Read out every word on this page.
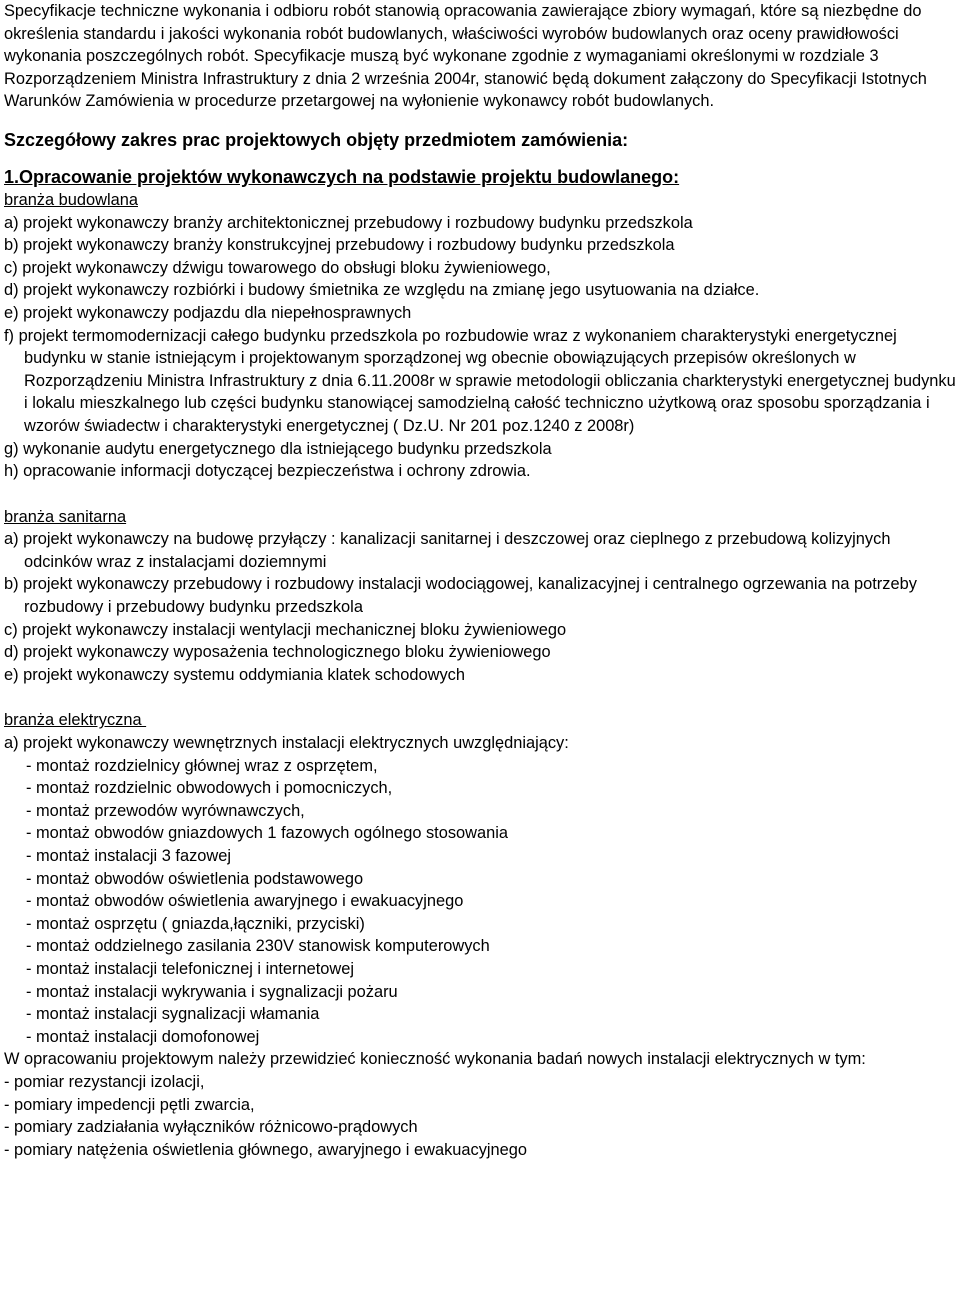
Specyfikacje techniczne wykonania i odbioru robót stanowią opracowania zawierające zbiory wymagań, które są niezbędne do określenia standardu i jakości wykonania robót budowlanych, właściwości wyrobów budowlanych oraz oceny prawidłowości wykonania poszczególnych robót. Specyfikacje muszą być wykonane zgodnie z wymaganiami określonymi w rozdziale 3 Rozporządzeniem Ministra Infrastruktury z dnia 2 września 2004r, stanowić będą dokument załączony do Specyfikacji Istotnych Warunków Zamówienia w procedurze przetargowej na wyłonienie wykonawcy robót budowlanych.

Szczegółowy zakres prac projektowych objęty przedmiotem zamówienia:
1.Opracowanie projektów wykonawczych na podstawie projektu budowlanego:
branża budowlana
a) projekt wykonawczy branży architektonicznej przebudowy i rozbudowy budynku przedszkola
b) projekt wykonawczy branży konstrukcyjnej przebudowy i rozbudowy budynku przedszkola
c) projekt wykonawczy dźwigu towarowego do obsługi bloku żywieniowego,
d) projekt wykonawczy rozbiórki i budowy śmietnika ze względu na zmianę jego usytuowania na działce.
e) projekt wykonawczy podjazdu dla niepełnosprawnych
f) projekt termomodernizacji całego budynku przedszkola po rozbudowie wraz z wykonaniem charakterystyki energetycznej budynku w stanie istniejącym i projektowanym sporządzonej wg obecnie obowiązujących przepisów określonych w Rozporządzeniu Ministra Infrastruktury z dnia 6.11.2008r w sprawie metodologii obliczania charkterystyki energetycznej budynku i lokalu mieszkalnego lub części budynku stanowiącej samodzielną całość techniczno użytkową oraz sposobu sporządzania i wzorów świadectw i charakterystyki energetycznej ( Dz.U. Nr 201 poz.1240 z 2008r)
g) wykonanie audytu energetycznego dla istniejącego budynku przedszkola
h) opracowanie informacji dotyczącej bezpieczeństwa i ochrony zdrowia.
branża sanitarna
a) projekt wykonawczy na budowę przyłączy : kanalizacji sanitarnej i deszczowej oraz cieplnego z przebudową kolizyjnych odcinków wraz z instalacjami doziemnymi
b) projekt wykonawczy przebudowy i rozbudowy instalacji wodociągowej, kanalizacyjnej i centralnego ogrzewania na potrzeby rozbudowy i przebudowy budynku przedszkola
c) projekt wykonawczy instalacji wentylacji mechanicznej bloku żywieniowego
d) projekt wykonawczy wyposażenia technologicznego bloku żywieniowego
e) projekt wykonawczy systemu oddymiania klatek schodowych
branża elektryczna
a) projekt wykonawczy wewnętrznych instalacji elektrycznych uwzględniający:
- montaż rozdzielnicy głównej wraz z osprzętem,
- montaż rozdzielnic obwodowych i pomocniczych,
- montaż przewodów wyrównawczych,
- montaż obwodów gniazdowych 1 fazowych ogólnego stosowania
- montaż instalacji 3 fazowej
- montaż obwodów oświetlenia podstawowego
- montaż obwodów oświetlenia awaryjnego i ewakuacyjnego
- montaż osprzętu ( gniazda,łączniki, przyciski)
- montaż oddzielnego zasilania 230V stanowisk komputerowych
- montaż instalacji telefonicznej i internetowej
- montaż instalacji wykrywania i sygnalizacji pożaru
- montaż instalacji sygnalizacji włamania
- montaż instalacji domofonowej
W opracowaniu projektowym należy przewidzieć konieczność wykonania badań nowych instalacji elektrycznych w tym:
- pomiar rezystancji izolacji,
- pomiary impedencji pętli zwarcia,
- pomiary zadziałania wyłączników różnicowo-prądowych
- pomiary natężenia oświetlenia głównego, awaryjnego i ewakuacyjnego
